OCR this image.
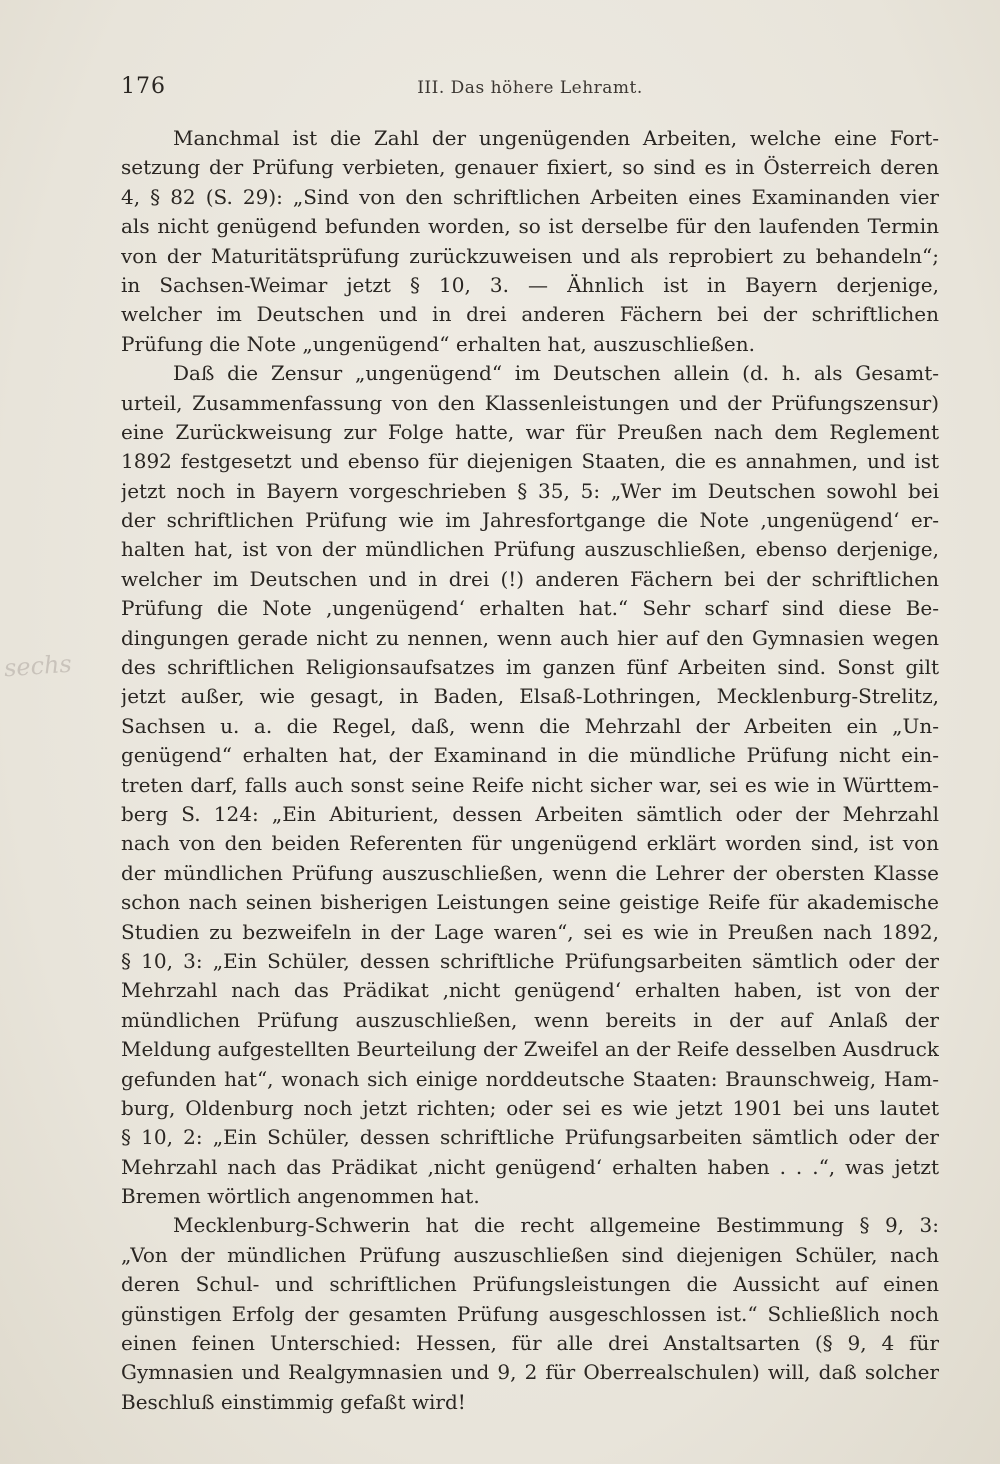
176	III. Das höhere Lehramt.
sechs
Manchmal ist die Zahl der ungenügenden Arbeiten, welche eine Fort-
setzung der Prüfung verbieten, genauer fixiert, so sind es in Österreich deren
4, § 82 (S. 29): „Sind von den schriftlichen Arbeiten eines Examinanden vier
als nicht genügend befunden worden, so ist derselbe für den laufenden Termin
von der Maturitätsprüfung zurückzuweisen und als reprobiert zu behandeln“;
in Sachsen-Weimar jetzt § 10, 3. — Ähnlich ist in Bayern derjenige,
welcher im Deutschen und in drei anderen Fächern bei der schriftlichen
Prüfung die Note „ungenügend“ erhalten hat, auszuschließen.
Daß die Zensur „ungenügend“ im Deutschen allein (d. h. als Gesamt-
urteil, Zusammenfassung von den Klassenleistungen und der Prüfungszensur)
eine Zurückweisung zur Folge hatte, war für Preußen nach dem Reglement
1892 festgesetzt und ebenso für diejenigen Staaten, die es annahmen, und ist
jetzt noch in Bayern vorgeschrieben § 35, 5: „Wer im Deutschen sowohl bei
der schriftlichen Prüfung wie im Jahresfortgange die Note ‚ungenügend‘ er-
halten hat, ist von der mündlichen Prüfung auszuschließen, ebenso derjenige,
welcher im Deutschen und in drei (!) anderen Fächern bei der schriftlichen
Prüfung die Note ‚ungenügend‘ erhalten hat.“ Sehr scharf sind diese Be-
dingungen gerade nicht zu nennen, wenn auch hier auf den Gymnasien wegen
des schriftlichen Religionsaufsatzes im ganzen fünf Arbeiten sind. Sonst gilt
jetzt außer, wie gesagt, in Baden, Elsaß-Lothringen, Mecklenburg-Strelitz,
Sachsen u. a. die Regel, daß, wenn die Mehrzahl der Arbeiten ein „Un-
genügend“ erhalten hat, der Examinand in die mündliche Prüfung nicht ein-
treten darf, falls auch sonst seine Reife nicht sicher war, sei es wie in Württem-
berg S. 124: „Ein Abiturient, dessen Arbeiten sämtlich oder der Mehrzahl
nach von den beiden Referenten für ungenügend erklärt worden sind, ist von
der mündlichen Prüfung auszuschließen, wenn die Lehrer der obersten Klasse
schon nach seinen bisherigen Leistungen seine geistige Reife für akademische
Studien zu bezweifeln in der Lage waren“, sei es wie in Preußen nach 1892,
§ 10, 3: „Ein Schüler, dessen schriftliche Prüfungsarbeiten sämtlich oder der
Mehrzahl nach das Prädikat ‚nicht genügend‘ erhalten haben, ist von der
mündlichen Prüfung auszuschließen, wenn bereits in der auf Anlaß der
Meldung aufgestellten Beurteilung der Zweifel an der Reife desselben Ausdruck
gefunden hat“, wonach sich einige norddeutsche Staaten: Braunschweig, Ham-
burg, Oldenburg noch jetzt richten; oder sei es wie jetzt 1901 bei uns lautet
§ 10, 2: „Ein Schüler, dessen schriftliche Prüfungsarbeiten sämtlich oder der
Mehrzahl nach das Prädikat ‚nicht genügend‘ erhalten haben . . .“, was jetzt
Bremen wörtlich angenommen hat.
Mecklenburg-Schwerin hat die recht allgemeine Bestimmung § 9, 3:
„Von der mündlichen Prüfung auszuschließen sind diejenigen Schüler, nach
deren Schul- und schriftlichen Prüfungsleistungen die Aussicht auf einen
günstigen Erfolg der gesamten Prüfung ausgeschlossen ist.“ Schließlich noch
einen feinen Unterschied: Hessen, für alle drei Anstaltsarten (§ 9, 4 für
Gymnasien und Realgymnasien und 9, 2 für Oberrealschulen) will, daß solcher
Beschluß einstimmig gefaßt wird!
